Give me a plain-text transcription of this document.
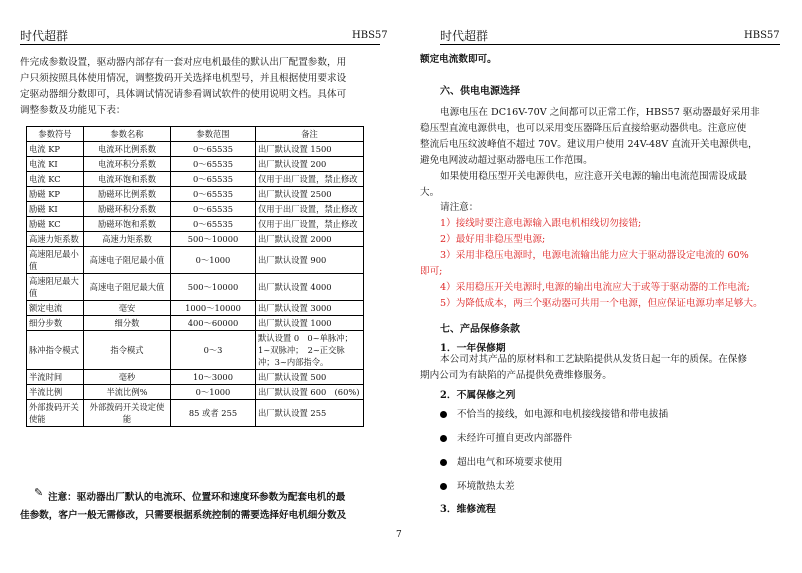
时代超群	HBS57	时代超群	HBS57
件完成参数设置，驱动器内部存有一套对应电机最佳的默认出厂配置参数，用
户只须按照具体使用情况，调整拨码开关选择电机型号，并且根据使用要求设
定驱动器细分数即可，具体调试情况请参看调试软件的使用说明文档。具体可
调整参数及功能见下表：
参数符号	参数名称	参数范围	备注
电流 KP	电流环比例系数	0～65535	出厂默认设置 1500
电流 KI	电流环积分系数	0～65535	出厂默认设置 200
电流 KC	电流环饱和系数	0～65535	仅用于出厂设置，禁止修改
励磁 KP	励磁环比例系数	0～65535	出厂默认设置 2500
励磁 KI	励磁环积分系数	0～65535	仅用于出厂设置，禁止修改
励磁 KC	励磁环饱和系数	0～65535	仅用于出厂设置，禁止修改
高速力矩系数	高速力矩系数	500～10000	出厂默认设置 2000
高速阻尼最小值	高速电子阻尼最小值	0～1000	出厂默认设置 900
高速阻尼最大值	高速电子阻尼最大值	500～10000	出厂默认设置 4000
额定电流	毫安	1000～10000	出厂默认设置 3000
细分步数	细分数	400～60000	出厂默认设置 1000
脉冲指令模式	指令模式	0～3	默认设置 0　0~单脉冲；1~双脉冲；　2~正交脉冲；3~内部指令。
半流时间	毫秒	10～3000	出厂默认设置 500
半流比例	半流比例%	0～1000	出厂默认设置 600　(60%)
外部拨码开关使能	外部拨码开关设定使能	85 或者 255	出厂默认设置 255
✎ 注意：驱动器出厂默认的电流环、位置环和速度环参数为配套电机的最
佳参数，客户一般无需修改，只需要根据系统控制的需要选择好电机细分数及
7
额定电流数即可。
六、供电电源选择
电源电压在 DC16V-70V 之间都可以正常工作，HBS57 驱动器最好采用非
稳压型直流电源供电，也可以采用变压器降压后直接给驱动器供电。注意应使
整流后电压纹波峰值不超过 70V。建议用户使用 24V-48V 直流开关电源供电，
避免电网波动超过驱动器电压工作范围。
如果使用稳压型开关电源供电，应注意开关电源的输出电流范围需设成最
大。
请注意：
1）接线时要注意电源输入跟电机相线切勿接错;
2）最好用非稳压型电源;
3）采用非稳压电源时，电源电流输出能力应大于驱动器设定电流的 60%
即可;
4）采用稳压开关电源时,电源的输出电流应大于或等于驱动器的工作电流;
5）为降低成本，两三个驱动器可共用一个电源，但应保证电源功率足够大。
七、产品保修条款
1．一年保修期
本公司对其产品的原材料和工艺缺陷提供从发货日起一年的质保。在保修
期内公司为有缺陷的产品提供免费维修服务。
2．不属保修之列
不恰当的接线，如电源和电机接线接错和带电拔插
未经许可擅自更改内部器件
超出电气和环境要求使用
环境散热太差
3．维修流程
